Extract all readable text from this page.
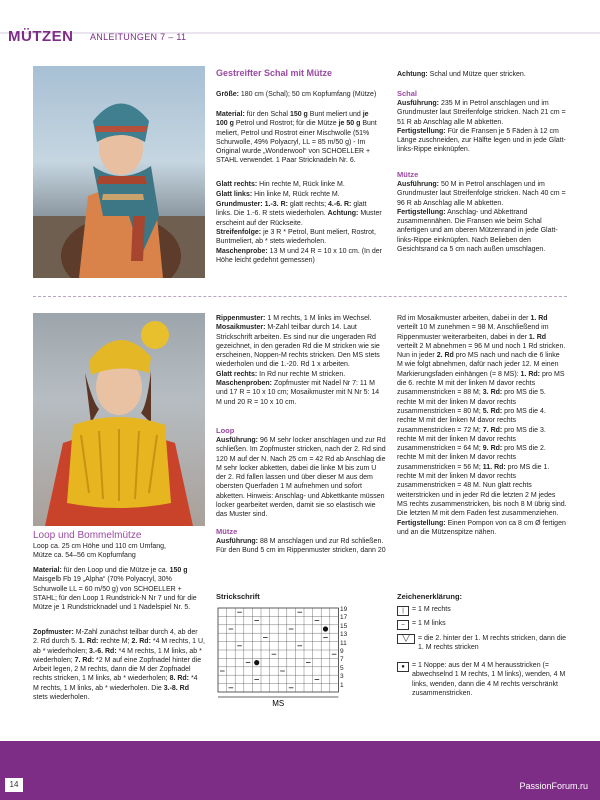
MÜTZEN ANLEITUNGEN 7 – 11
Gestreifter Schal mit Mütze
Größe: 180 cm (Schal); 50 cm Kopfumfang (Mütze)
Material: für den Schal 150 g Bunt meliert und je 100 g Petrol und Rostrot; für die Mütze je 50 g Bunt meliert, Petrol und Rostrot einer Mischwolle (51% Schurwolle, 49% Polyacryl, LL = 85 m/50 g) - Im Original wurde „Wonderwool“ von SCHOELLER + STAHL verwendet. 1 Paar Stricknadeln Nr. 6.
Glatt rechts: Hin rechte M, Rück linke M.
Glatt links: Hin linke M, Rück rechte M.
Grundmuster: 1.-3. R: glatt rechts; 4.-6. R: glatt links. Die 1.-6. R stets wiederholen. Achtung: Muster erscheint auf der Rückseite.
Streifenfolge: je 3 R * Petrol, Bunt meliert, Rostrot, Buntmeliert, ab * stets wiederholen.
Maschenprobe: 13 M und 24 R = 10 x 10 cm. (In der Höhe leicht gedehnt gemessen)
Achtung: Schal und Mütze quer stricken.
Schal
Ausführung: 235 M in Petrol anschlagen und im Grundmuster laut Streifenfolge stricken. Nach 21 cm = 51 R ab Anschlag alle M abketten.
Fertigstellung: Für die Fransen je 5 Fäden à 12 cm Länge zuschneiden, zur Hälfte legen und in jede Glatt-links-Rippe einknüpfen.
Mütze
Ausführung: 50 M in Petrol anschlagen und im Grundmuster laut Streifenfolge stricken. Nach 40 cm = 96 R ab Anschlag alle M abketten.
Fertigstellung: Anschlag- und Abkettrand zusammennähen. Die Fransen wie beim Schal anfertigen und am oberen Mützenrand in jede Glatt-links-Rippe einknüpfen. Nach Belieben den Gesichtsrand ca 5 cm nach außen umschlagen.
Loop und Bommelmütze
Loop ca. 25 cm Höhe und 110 cm Umfang,
Mütze ca. 54–56 cm Kopfumfang
Material: für den Loop und die Mütze je ca. 150 g Maisgelb Fb 19 „Alpha“ (70% Polyacryl, 30% Schurwolle LL = 60 m/50 g) von SCHOELLER + STAHL; für den Loop 1 Rundstrick-N Nr 7 und für die Mütze je 1 Rundstricknadel und 1 Nadelspiel Nr. 5.
Zopfmuster: M-Zahl zunächst teilbar durch 4, ab der 2. Rd durch 5. 1. Rd: rechte M; 2. Rd: *4 M rechts, 1 U, ab * wiederholen; 3.-6. Rd: *4 M rechts, 1 M links, ab * wiederholen; 7. Rd: *2 M auf eine Zopfnadel hinter die Arbeit legen, 2 M rechts, dann die M der Zopfnadel rechts stricken, 1 M links, ab * wiederholen; 8. Rd: *4 M rechts, 1 M links, ab * wiederholen. Die 3.-8. Rd stets wiederholen.
Rippenmuster: 1 M rechts, 1 M links im Wechsel.
Mosaikmuster: M-Zahl teilbar durch 14. Laut Strickschrift arbeiten. Es sind nur die ungeraden Rd gezeichnet, in den geraden Rd die M stricken wie sie erscheinen, Noppen-M rechts stricken. Den MS stets wiederholen und die 1.-20. Rd 1 x arbeiten.
Glatt rechts: In Rd nur rechte M stricken.
Maschenproben: Zopfmuster mit Nadel Nr 7: 11 M und 17 R = 10 x 10 cm; Mosaikmuster mit N Nr 5: 14 M und 20 R = 10 x 10 cm.
Loop
Ausführung: 96 M sehr locker anschlagen und zur Rd schließen. Im Zopfmuster stricken, nach der 2. Rd sind 120 M auf der N. Nach 25 cm = 42 Rd ab Anschlag die M sehr locker abketten, dabei die linke M bis zum U der 2. Rd fallen lassen und über dieser M aus dem obersten Querfaden 1 M aufnehmen und sofort abketten. Hinweis: Anschlag- und Abkettkante müssen locker gearbeitet werden, damit sie so elastisch wie das Muster sind.
Mütze
Ausführung: 88 M anschlagen und zur Rd schließen. Für den Bund 5 cm im Rippenmuster stricken, dann 20
Rd im Mosaikmuster arbeiten, dabei in der 1. Rd verteilt 10 M zunehmen = 98 M. Anschließend im Rippenmuster weiterarbeiten, dabei in der 1. Rd verteilt 2 M abnehmen = 96 M und noch 1 Rd stricken. Nun in jeder 2. Rd pro MS nach und nach die 6 linke M wie folgt abnehmen, dafür nach jeder 12. M einen Markierungsfaden einhängen (= 8 MS): 1. Rd: pro MS die 6. rechte M mit der linken M davor rechts zusammenstricken = 88 M; 3. Rd: pro MS die 5. rechte M mit der linken M davor rechts zusammenstricken = 80 M; 5. Rd: pro MS die 4. rechte M mit der linken M davor rechts zusammenstricken = 72 M; 7. Rd: pro MS die 3. rechte M mit der linken M davor rechts zusammenstricken = 64 M; 9. Rd: pro MS die 2. rechte M mit der linken M davor rechts zusammenstricken = 56 M; 11. Rd: pro MS die 1. rechte M mit der linken M davor rechts zusammenstricken = 48 M. Nun glatt rechts weiterstricken und in jeder Rd die letzten 2 M jedes MS rechts zusammenstricken, bis noch 8 M übrig sind. Die letzten M mit dem Faden fest zusammenziehen.
Fertigstellung: Einen Pompon von ca 8 cm Ø fertigen und an die Mützenspitze nähen.
Strickschrift
MS
19
17
15
13
11
9
7
5
3
1
Zeichenerklärung:
|	= 1 M rechts
–	= 1 M links
╲╱	= die 2. hinter der 1. M rechts stricken, dann die 1. M rechts stricken
●	= 1 Noppe: aus der M 4 M herausstricken (= abwechselnd 1 M rechts, 1 M links), wenden, 4 M links, wenden, dann die 4 M rechts verschränkt zusammenstricken.
14	PassionForum.ru
